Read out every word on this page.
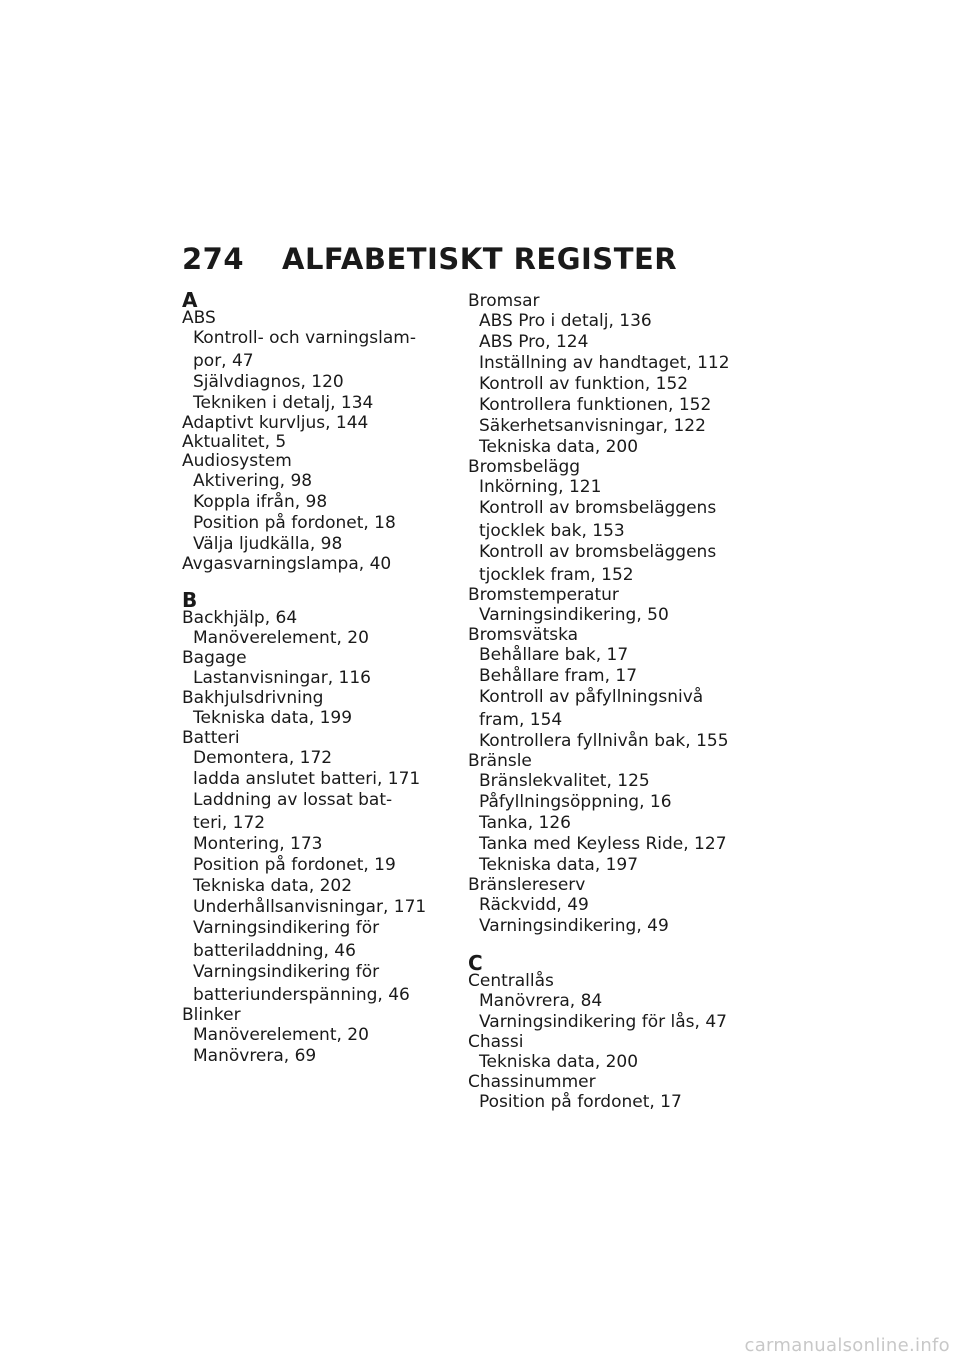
274 ALFABETISKT REGISTER
A
ABS
Kontroll- och varningslam-
por, 47
Självdiagnos, 120
Tekniken i detalj, 134
Adaptivt kurvljus, 144
Aktualitet, 5
Audiosystem
Aktivering, 98
Koppla ifrån, 98
Position på fordonet, 18
Välja ljudkälla, 98
Avgasvarningslampa, 40
B
Backhjälp, 64
Manöverelement, 20
Bagage
Lastanvisningar, 116
Bakhjulsdrivning
Tekniska data, 199
Batteri
Demontera, 172
ladda anslutet batteri, 171
Laddning av lossat bat-
teri, 172
Montering, 173
Position på fordonet, 19
Tekniska data, 202
Underhållsanvisningar, 171
Varningsindikering för
batteriladdning, 46
Varningsindikering för
batteriunderspänning, 46
Blinker
Manöverelement, 20
Manövrera, 69
Bromsar
ABS Pro i detalj, 136
ABS Pro, 124
Inställning av handtaget, 112
Kontroll av funktion, 152
Kontrollera funktionen, 152
Säkerhetsanvisningar, 122
Tekniska data, 200
Bromsbelägg
Inkörning, 121
Kontroll av bromsbeläggens
tjocklek bak, 153
Kontroll av bromsbeläggens
tjocklek fram, 152
Bromstemperatur
Varningsindikering, 50
Bromsvätska
Behållare bak, 17
Behållare fram, 17
Kontroll av påfyllningsnivå
fram, 154
Kontrollera fyllnivån bak, 155
Bränsle
Bränslekvalitet, 125
Påfyllningsöppning, 16
Tanka, 126
Tanka med Keyless Ride, 127
Tekniska data, 197
Bränslereserv
Räckvidd, 49
Varningsindikering, 49
C
Centrallås
Manövrera, 84
Varningsindikering för lås, 47
Chassi
Tekniska data, 200
Chassinummer
Position på fordonet, 17
carmanualsonline.info
